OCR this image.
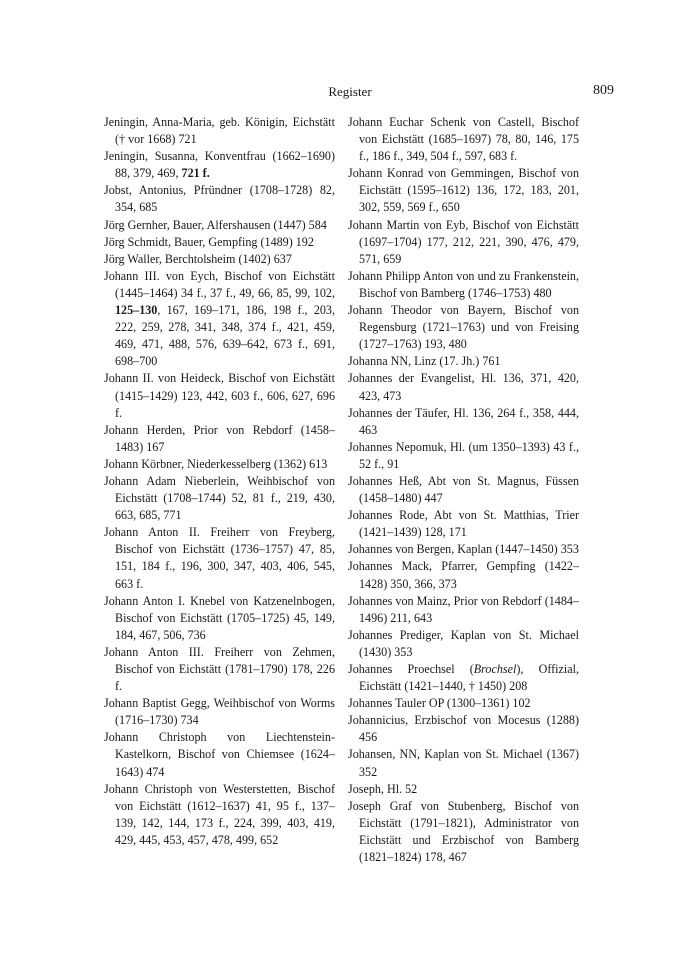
Register	809

Jeningin, Anna-Maria, geb. Königin, Eichstätt († vor 1668) 721

Jeningin, Susanna, Konventfrau (1662–1690) 88, 379, 469, 721 f.

Jobst, Antonius, Pfründner (1708–1728) 82, 354, 685

Jörg Gernher, Bauer, Alfershausen (1447) 584

Jörg Schmidt, Bauer, Gempfing (1489) 192

Jörg Waller, Berchtolsheim (1402) 637

Johann III. von Eych, Bischof von Eichstätt (1445–1464) 34 f., 37 f., 49, 66, 85, 99, 102, 125–130, 167, 169–171, 186, 198 f., 203, 222, 259, 278, 341, 348, 374 f., 421, 459, 469, 471, 488, 576, 639–642, 673 f., 691, 698–700

Johann II. von Heideck, Bischof von Eichstätt (1415–1429) 123, 442, 603 f., 606, 627, 696 f.

Johann Herden, Prior von Rebdorf (1458–1483) 167

Johann Körbner, Niederkesselberg (1362) 613

Johann Adam Nieberlein, Weihbischof von Eichstätt (1708–1744) 52, 81 f., 219, 430, 663, 685, 771

Johann Anton II. Freiherr von Freyberg, Bischof von Eichstätt (1736–1757) 47, 85, 151, 184 f., 196, 300, 347, 403, 406, 545, 663 f.

Johann Anton I. Knebel von Katzenelnbogen, Bischof von Eichstätt (1705–1725) 45, 149, 184, 467, 506, 736

Johann Anton III. Freiherr von Zehmen, Bischof von Eichstätt (1781–1790) 178, 226 f.

Johann Baptist Gegg, Weihbischof von Worms (1716–1730) 734

Johann Christoph von Liechtenstein-Kastelkorn, Bischof von Chiemsee (1624–1643) 474

Johann Christoph von Westerstetten, Bischof von Eichstätt (1612–1637) 41, 95 f., 137–139, 142, 144, 173 f., 224, 399, 403, 419, 429, 445, 453, 457, 478, 499, 652

Johann Euchar Schenk von Castell, Bischof von Eichstätt (1685–1697) 78, 80, 146, 175 f., 186 f., 349, 504 f., 597, 683 f.

Johann Konrad von Gemmingen, Bischof von Eichstätt (1595–1612) 136, 172, 183, 201, 302, 559, 569 f., 650

Johann Martin von Eyb, Bischof von Eichstätt (1697–1704) 177, 212, 221, 390, 476, 479, 571, 659

Johann Philipp Anton von und zu Frankenstein, Bischof von Bamberg (1746–1753) 480

Johann Theodor von Bayern, Bischof von Regensburg (1721–1763) und von Freising (1727–1763) 193, 480

Johanna NN, Linz (17. Jh.) 761

Johannes der Evangelist, Hl. 136, 371, 420, 423, 473

Johannes der Täufer, Hl. 136, 264 f., 358, 444, 463

Johannes Nepomuk, Hl. (um 1350–1393) 43 f., 52 f., 91

Johannes Heß, Abt von St. Magnus, Füssen (1458–1480) 447

Johannes Rode, Abt von St. Matthias, Trier (1421–1439) 128, 171

Johannes von Bergen, Kaplan (1447–1450) 353

Johannes Mack, Pfarrer, Gempfing (1422–1428) 350, 366, 373

Johannes von Mainz, Prior von Rebdorf (1484–1496) 211, 643

Johannes Prediger, Kaplan von St. Michael (1430) 353

Johannes Proechsel (Brochsel), Offizial, Eichstätt (1421–1440, † 1450) 208

Johannes Tauler OP (1300–1361) 102

Johannicius, Erzbischof von Mocesus (1288) 456

Johansen, NN, Kaplan von St. Michael (1367) 352

Joseph, Hl. 52

Joseph Graf von Stubenberg, Bischof von Eichstätt (1791–1821), Administrator von Eichstätt und Erzbischof von Bamberg (1821–1824) 178, 467
